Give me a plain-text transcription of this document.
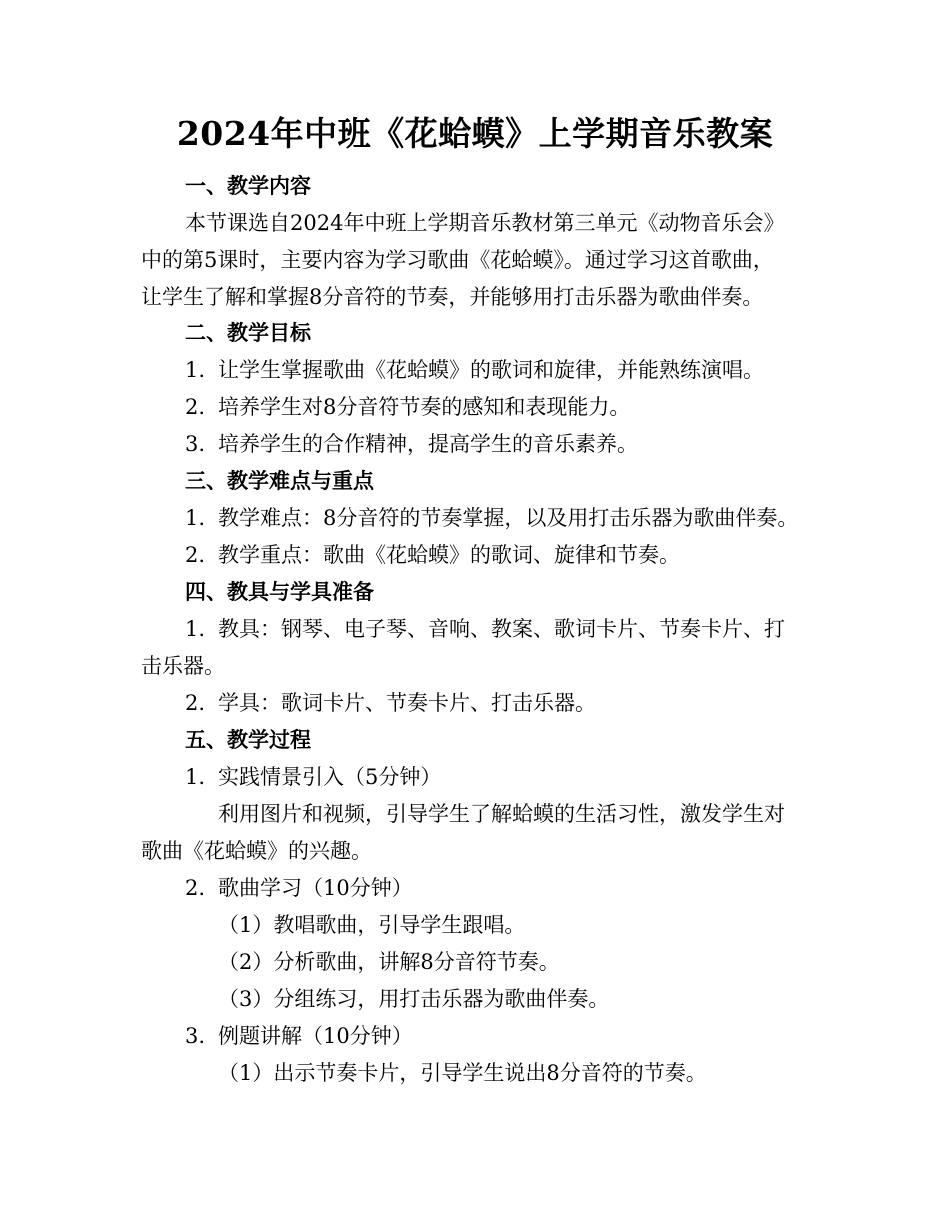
2024年中班《花蛤蟆》上学期音乐教案
一、教学内容
本节课选自2024年中班上学期音乐教材第三单元《动物音乐会》
中的第5课时，主要内容为学习歌曲《花蛤蟆》。通过学习这首歌曲，
让学生了解和掌握8分音符的节奏，并能够用打击乐器为歌曲伴奏。
二、教学目标
1. 让学生掌握歌曲《花蛤蟆》的歌词和旋律，并能熟练演唱。
2. 培养学生对8分音符节奏的感知和表现能力。
3. 培养学生的合作精神，提高学生的音乐素养。
三、教学难点与重点
1. 教学难点：8分音符的节奏掌握，以及用打击乐器为歌曲伴奏。
2. 教学重点：歌曲《花蛤蟆》的歌词、旋律和节奏。
四、教具与学具准备
1. 教具：钢琴、电子琴、音响、教案、歌词卡片、节奏卡片、打
击乐器。
2. 学具：歌词卡片、节奏卡片、打击乐器。
五、教学过程
1. 实践情景引入（5分钟）
利用图片和视频，引导学生了解蛤蟆的生活习性，激发学生对
歌曲《花蛤蟆》的兴趣。
2. 歌曲学习（10分钟）
（1）教唱歌曲，引导学生跟唱。
（2）分析歌曲，讲解8分音符节奏。
（3）分组练习，用打击乐器为歌曲伴奏。
3. 例题讲解（10分钟）
（1）出示节奏卡片，引导学生说出8分音符的节奏。
